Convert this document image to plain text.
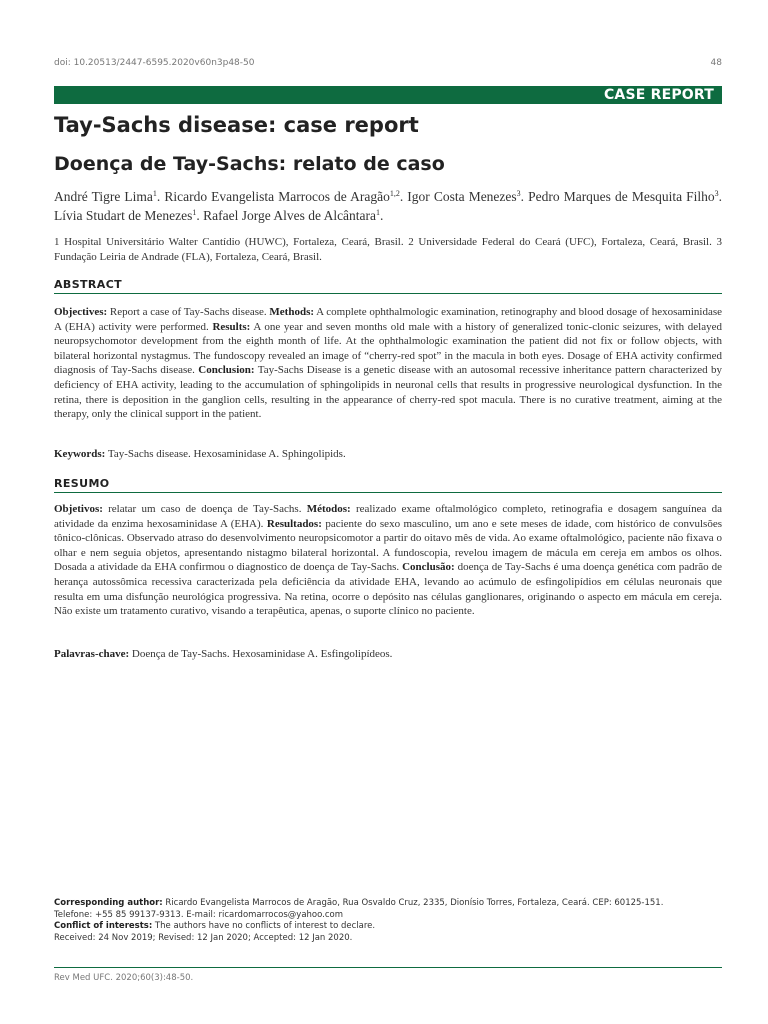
doi: 10.20513/2447-6595.2020v60n3p48-50	48
CASE REPORT
Tay-Sachs disease: case report
Doença de Tay-Sachs: relato de caso
André Tigre Lima$^1$. Ricardo Evangelista Marrocos de Aragão$^{1,2}$. Igor Costa Menezes$^3$. Pedro Marques de Mesquita Filho$^3$. Lívia Studart de Menezes$^1$. Rafael Jorge Alves de Alcântara$^1$.
1 Hospital Universitário Walter Cantídio (HUWC), Fortaleza, Ceará, Brasil. 2 Universidade Federal do Ceará (UFC), Fortaleza, Ceará, Brasil. 3 Fundação Leiria de Andrade (FLA), Fortaleza, Ceará, Brasil.
ABSTRACT
Objectives: Report a case of Tay-Sachs disease. Methods: A complete ophthalmologic examination, retinography and blood dosage of hexosaminidase A (EHA) activity were performed. Results: A one year and seven months old male with a history of generalized tonic-clonic seizures, with delayed neuropsychomotor development from the eighth month of life. At the ophthalmologic examination the patient did not fix or follow objects, with bilateral horizontal nystagmus. The fundoscopy revealed an image of “cherry-red spot” in the macula in both eyes. Dosage of EHA activity confirmed diagnosis of Tay-Sachs disease. Conclusion: Tay-Sachs Disease is a genetic disease with an autosomal recessive inheritance pattern characterized by deficiency of EHA activity, leading to the accumulation of sphingolipids in neuronal cells that results in progressive neurological dysfunction. In the retina, there is deposition in the ganglion cells, resulting in the appearance of cherry-red spot macula. There is no curative treatment, aiming at the therapy, only the clinical support in the patient.
Keywords: Tay-Sachs disease. Hexosaminidase A. Sphingolipids.
RESUMO
Objetivos: relatar um caso de doença de Tay-Sachs. Métodos: realizado exame oftalmológico completo, retinografia e dosagem sanguínea da atividade da enzima hexosaminidase A (EHA). Resultados: paciente do sexo masculino, um ano e sete meses de idade, com histórico de convulsões tônico-clônicas. Observado atraso do desenvolvimento neuropsicomotor a partir do oitavo mês de vida. Ao exame oftalmológico, paciente não fixava o olhar e nem seguia objetos, apresentando nistagmo bilateral horizontal. A fundoscopia, revelou imagem de mácula em cereja em ambos os olhos. Dosada a atividade da EHA confirmou o diagnostico de doença de Tay-Sachs. Conclusão: doença de Tay-Sachs é uma doença genética com padrão de herança autossômica recessiva caracterizada pela deficiência da atividade EHA, levando ao acúmulo de esfingolipídios em células neuronais que resulta em uma disfunção neurológica progressiva. Na retina, ocorre o depósito nas células ganglionares, originando o aspecto em mácula em cereja. Não existe um tratamento curativo, visando a terapêutica, apenas, o suporte clínico no paciente.
Palavras-chave: Doença de Tay-Sachs. Hexosaminidase A. Esfingolipídeos.
Corresponding author: Ricardo Evangelista Marrocos de Aragão, Rua Osvaldo Cruz, 2335, Dionísio Torres, Fortaleza, Ceará. CEP: 60125-151.
Telefone: +55 85 99137-9313. E-mail: ricardomarrocos@yahoo.com
Conflict of interests: The authors have no conflicts of interest to declare.
Received: 24 Nov 2019; Revised: 12 Jan 2020; Accepted: 12 Jan 2020.
Rev Med UFC. 2020;60(3):48-50.
